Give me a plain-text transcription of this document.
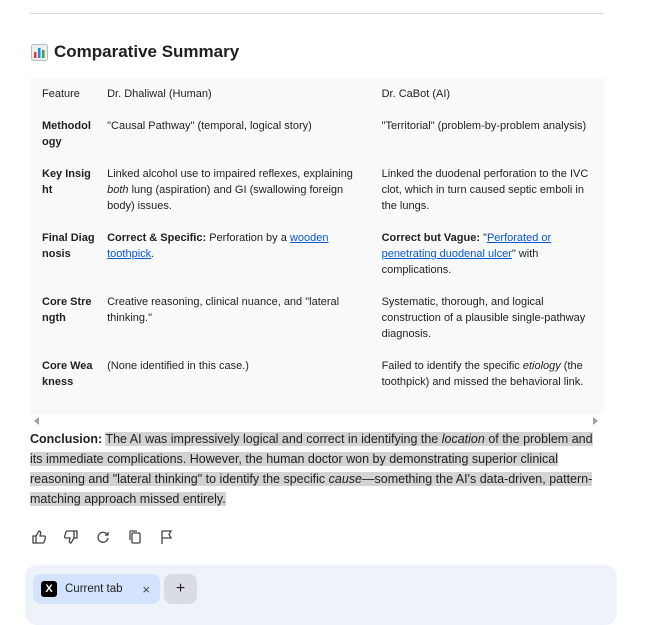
Comparative Summary
Feature	Dr. Dhaliwal (Human)	Dr. CaBot (AI)
Methodology	"Causal Pathway" (temporal, logical story)	"Territorial" (problem-by-problem analysis)
Key Insight	Linked alcohol use to impaired reflexes, explaining both lung (aspiration) and GI (swallowing foreign body) issues.	Linked the duodenal perforation to the IVC clot, which in turn caused septic emboli in the lungs.
Final Diagnosis	Correct & Specific: Perforation by a wooden toothpick.	Correct but Vague: "Perforated or penetrating duodenal ulcer" with complications.
Core Strength	Creative reasoning, clinical nuance, and "lateral thinking."	Systematic, thorough, and logical construction of a plausible single-pathway diagnosis.
Core Weakness	(None identified in this case.)	Failed to identify the specific etiology (the toothpick) and missed the behavioral link.
Conclusion: The AI was impressively logical and correct in identifying the location of the problem and its immediate complications. However, the human doctor won by demonstrating superior clinical reasoning and "lateral thinking" to identify the specific cause—something the AI's data-driven, pattern-matching approach missed entirely.
X	Current tab ×	+
